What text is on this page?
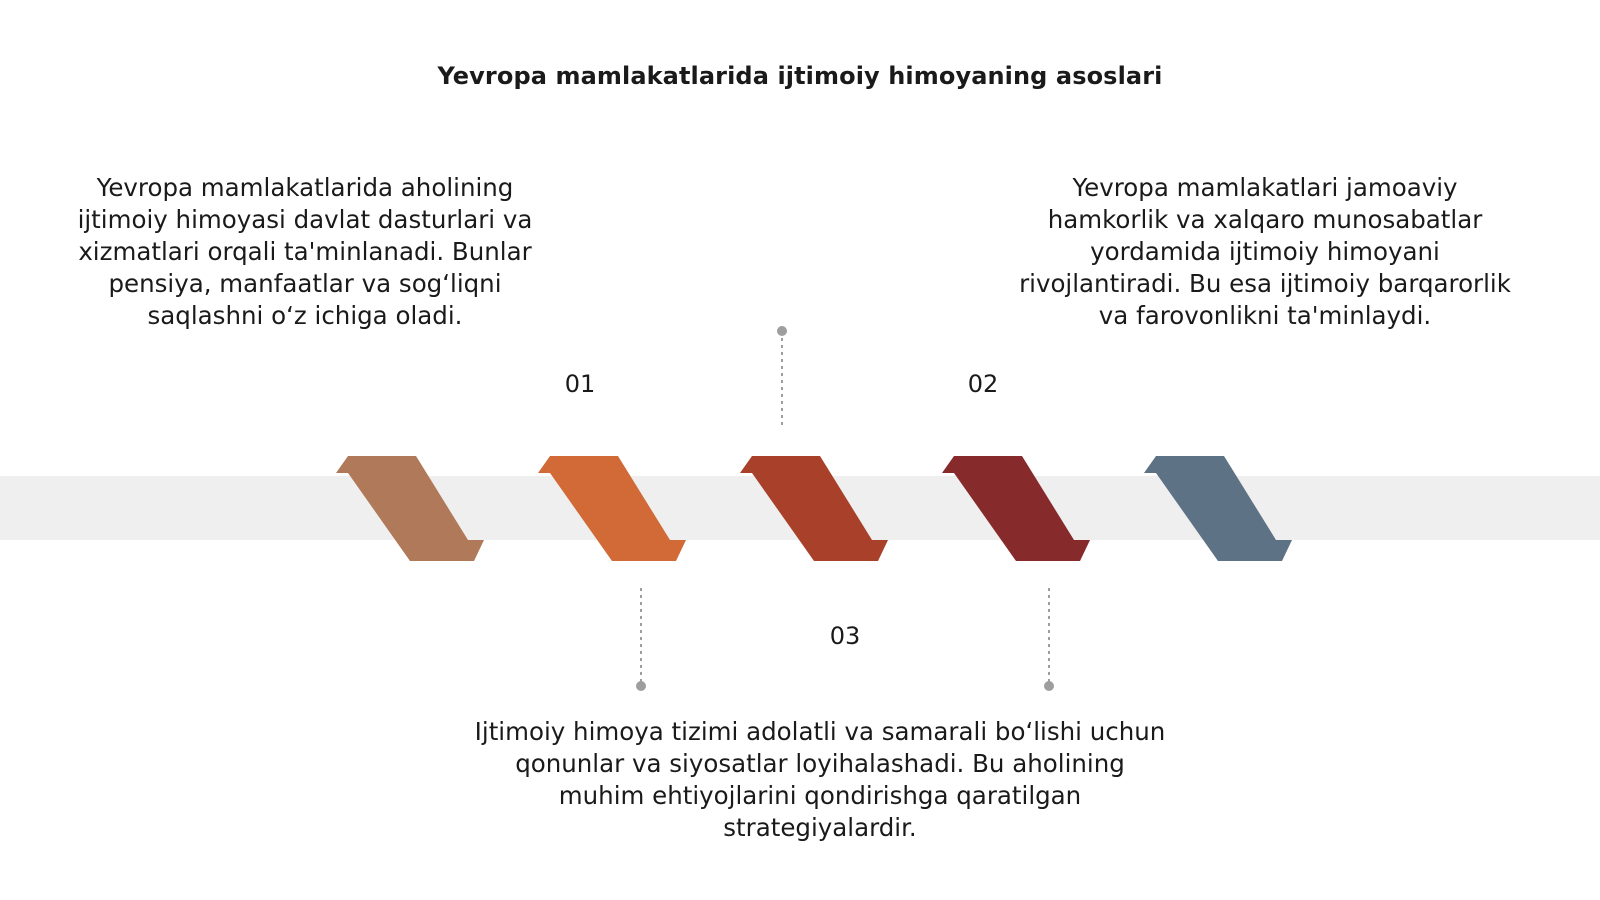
Yevropa mamlakatlarida ijtimoiy himoyaning asoslari
Yevropa mamlakatlarida aholining ijtimoiy himoyasi davlat dasturlari va xizmatlari orqali ta'minlanadi. Bunlar pensiya, manfaatlar va sog‘liqni saqlashni o‘z ichiga oladi.
Yevropa mamlakatlari jamoaviy hamkorlik va xalqaro munosabatlar yordamida ijtimoiy himoyani rivojlantiradi. Bu esa ijtimoiy barqarorlik va farovonlikni ta'minlaydi.
Ijtimoiy himoya tizimi adolatli va samarali bo‘lishi uchun qonunlar va siyosatlar loyihalashadi. Bu aholining muhim ehtiyojlarini qondirishga qaratilgan strategiyalardir.
01	02
03
